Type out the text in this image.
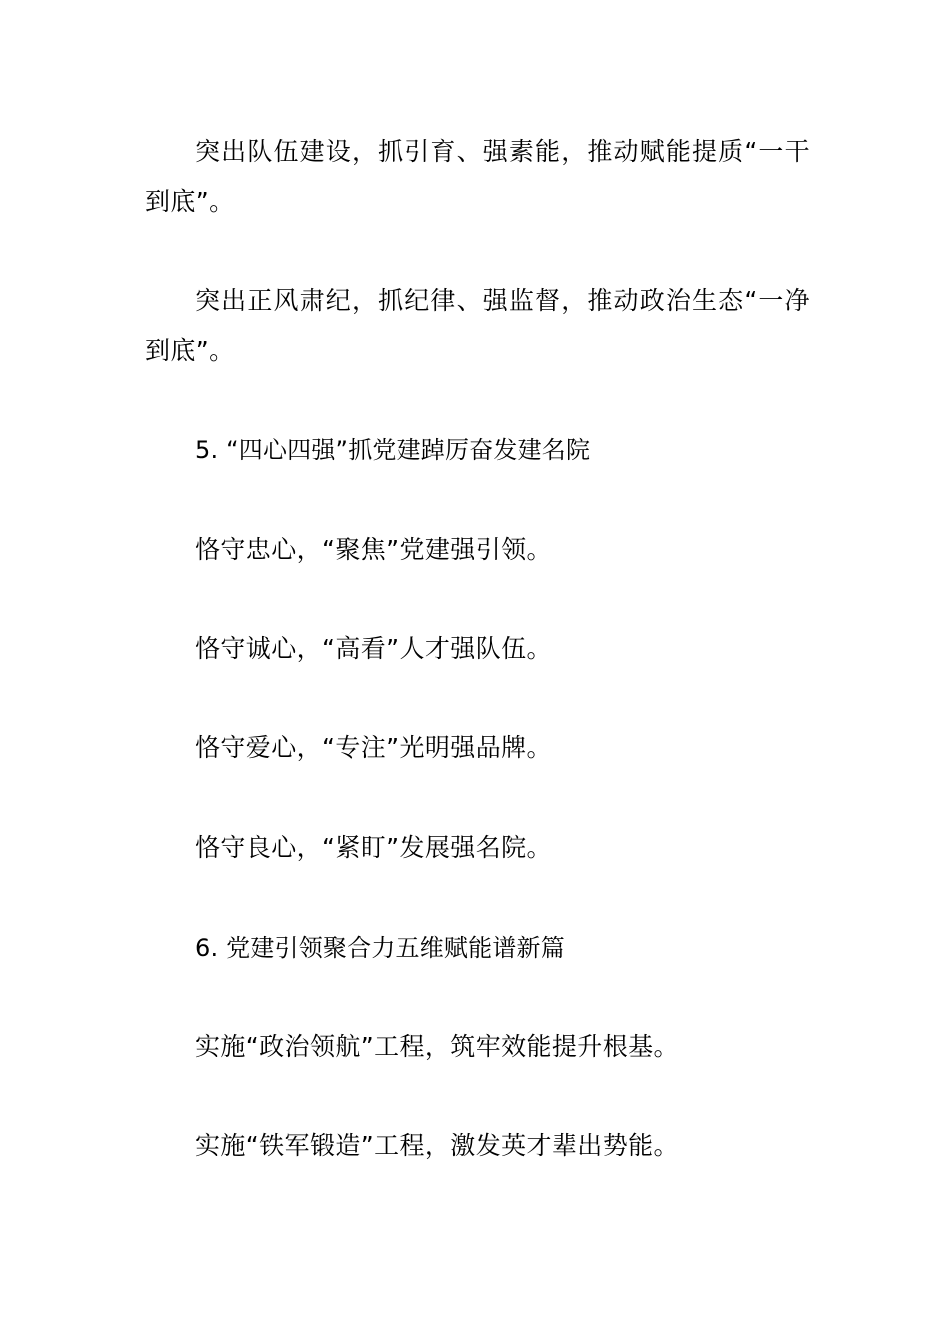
突出队伍建设，抓引育、强素能，推动赋能提质“一干到底”。

突出正风肃纪，抓纪律、强监督，推动政治生态“一净到底”。

5. “四心四强”抓党建踔厉奋发建名院

恪守忠心，“聚焦”党建强引领。

恪守诚心，“高看”人才强队伍。

恪守爱心，“专注”光明强品牌。

恪守良心，“紧盯”发展强名院。

6. 党建引领聚合力五维赋能谱新篇

实施“政治领航”工程，筑牢效能提升根基。

实施“铁军锻造”工程，激发英才辈出势能。
